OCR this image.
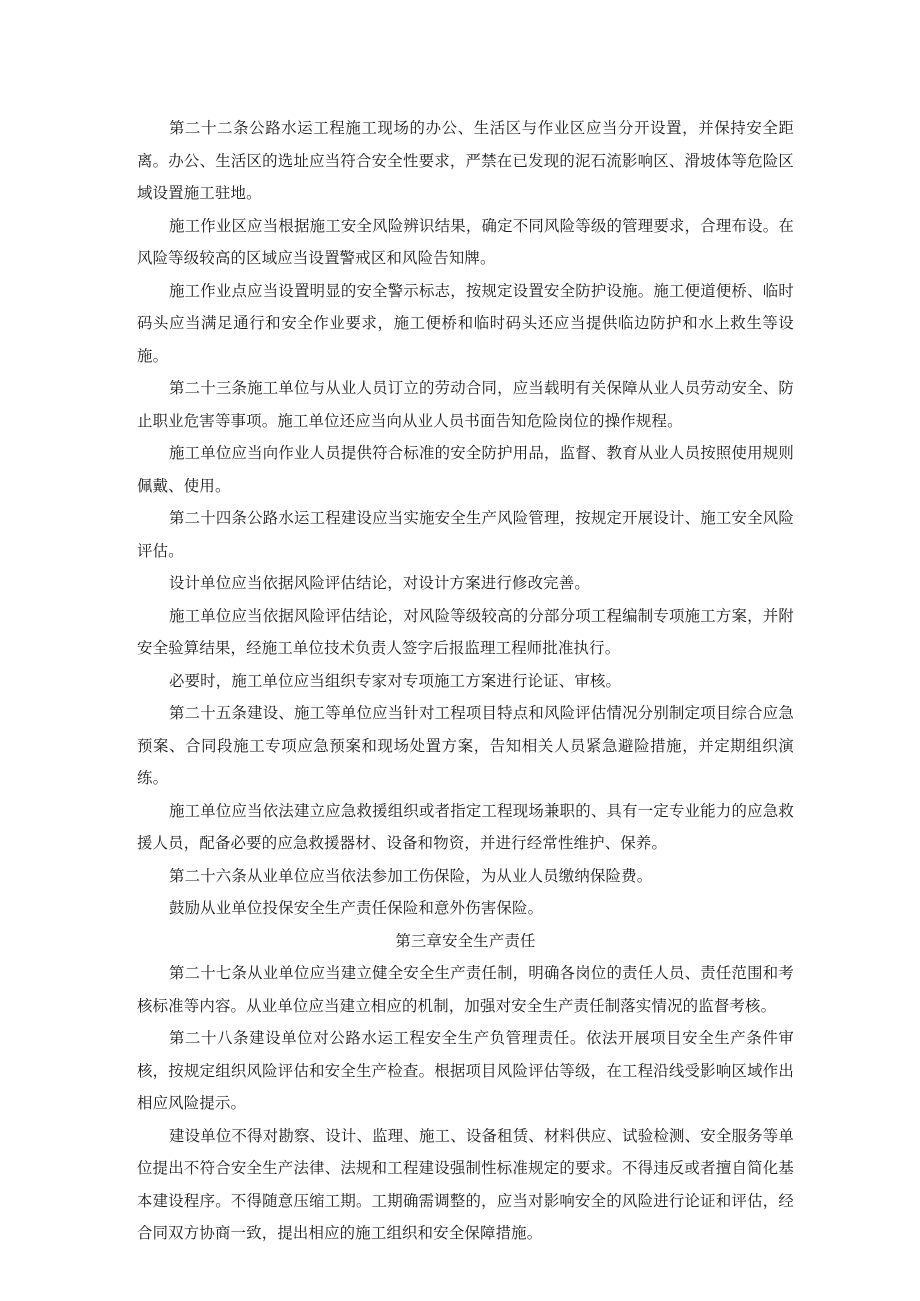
第二十二条公路水运工程施工现场的办公、生活区与作业区应当分开设置，并保持安全距离。办公、生活区的选址应当符合安全性要求，严禁在已发现的泥石流影响区、滑坡体等危险区域设置施工驻地。

施工作业区应当根据施工安全风险辨识结果，确定不同风险等级的管理要求，合理布设。在风险等级较高的区域应当设置警戒区和风险告知牌。

施工作业点应当设置明显的安全警示标志，按规定设置安全防护设施。施工便道便桥、临时码头应当满足通行和安全作业要求，施工便桥和临时码头还应当提供临边防护和水上救生等设施。

第二十三条施工单位与从业人员订立的劳动合同，应当载明有关保障从业人员劳动安全、防止职业危害等事项。施工单位还应当向从业人员书面告知危险岗位的操作规程。

施工单位应当向作业人员提供符合标准的安全防护用品，监督、教育从业人员按照使用规则佩戴、使用。

第二十四条公路水运工程建设应当实施安全生产风险管理，按规定开展设计、施工安全风险评估。

设计单位应当依据风险评估结论，对设计方案进行修改完善。

施工单位应当依据风险评估结论，对风险等级较高的分部分项工程编制专项施工方案，并附安全验算结果，经施工单位技术负责人签字后报监理工程师批准执行。

必要时，施工单位应当组织专家对专项施工方案进行论证、审核。

第二十五条建设、施工等单位应当针对工程项目特点和风险评估情况分别制定项目综合应急预案、合同段施工专项应急预案和现场处置方案，告知相关人员紧急避险措施，并定期组织演练。

施工单位应当依法建立应急救援组织或者指定工程现场兼职的、具有一定专业能力的应急救援人员，配备必要的应急救援器材、设备和物资，并进行经常性维护、保养。

第二十六条从业单位应当依法参加工伤保险，为从业人员缴纳保险费。

鼓励从业单位投保安全生产责任保险和意外伤害保险。

第三章安全生产责任

第二十七条从业单位应当建立健全安全生产责任制，明确各岗位的责任人员、责任范围和考核标准等内容。从业单位应当建立相应的机制，加强对安全生产责任制落实情况的监督考核。

第二十八条建设单位对公路水运工程安全生产负管理责任。依法开展项目安全生产条件审核，按规定组织风险评估和安全生产检查。根据项目风险评估等级，在工程沿线受影响区域作出相应风险提示。

建设单位不得对勘察、设计、监理、施工、设备租赁、材料供应、试验检测、安全服务等单位提出不符合安全生产法律、法规和工程建设强制性标准规定的要求。不得违反或者擅自简化基本建设程序。不得随意压缩工期。工期确需调整的，应当对影响安全的风险进行论证和评估，经合同双方协商一致，提出相应的施工组织和安全保障措施。
